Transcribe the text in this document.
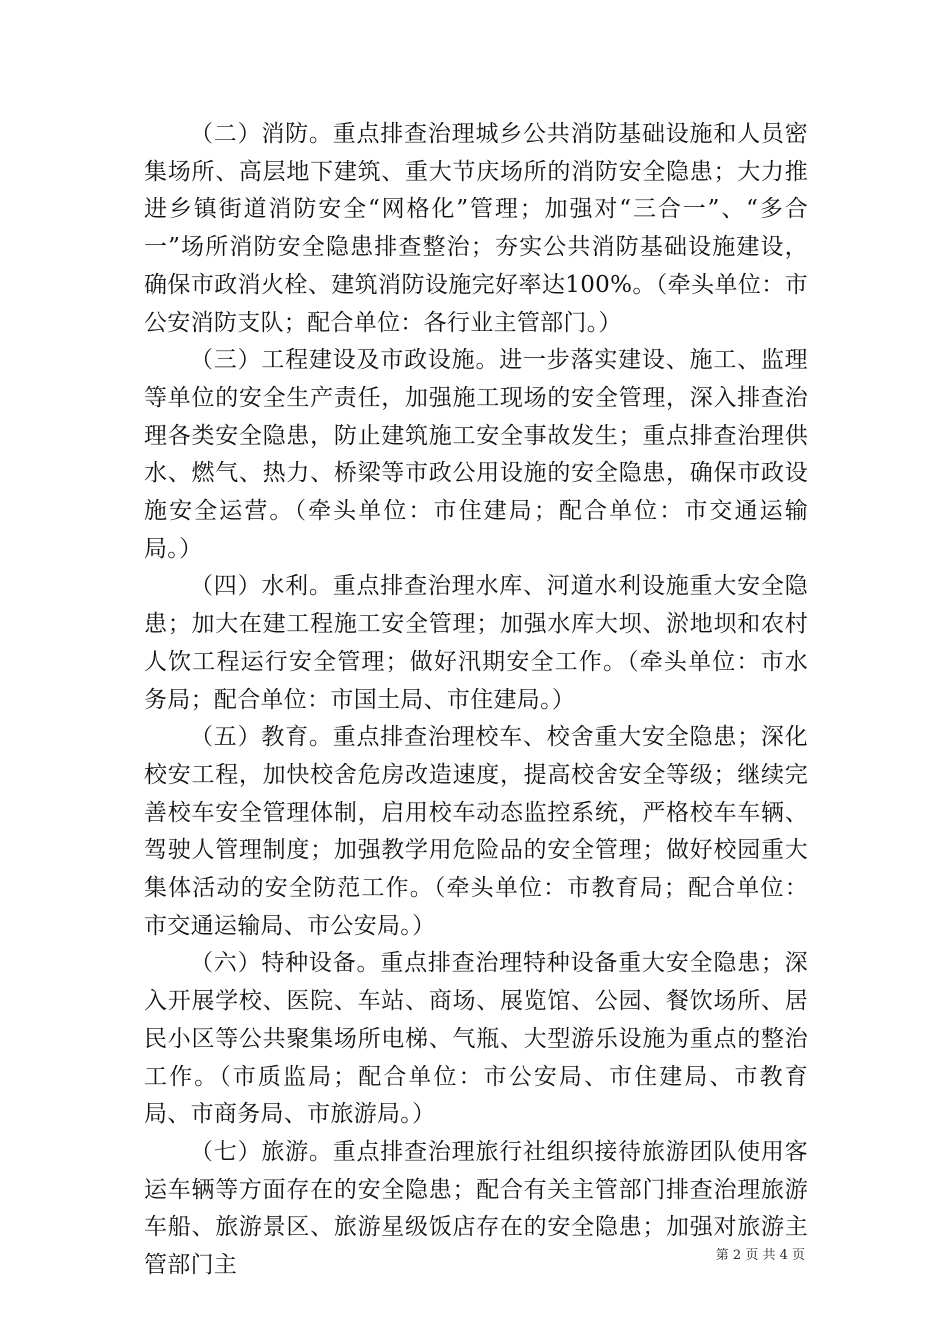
（二）消防。重点排查治理城乡公共消防基础设施和人员密集场所、高层地下建筑、重大节庆场所的消防安全隐患；大力推进乡镇街道消防安全“网格化”管理；加强对“三合一”、“多合一”场所消防安全隐患排查整治；夯实公共消防基础设施建设，确保市政消火栓、建筑消防设施完好率达100%。（牵头单位：市公安消防支队；配合单位：各行业主管部门。）

（三）工程建设及市政设施。进一步落实建设、施工、监理等单位的安全生产责任，加强施工现场的安全管理，深入排查治理各类安全隐患，防止建筑施工安全事故发生；重点排查治理供水、燃气、热力、桥梁等市政公用设施的安全隐患，确保市政设施安全运营。（牵头单位：市住建局；配合单位：市交通运输局。）

（四）水利。重点排查治理水库、河道水利设施重大安全隐患；加大在建工程施工安全管理；加强水库大坝、淤地坝和农村人饮工程运行安全管理；做好汛期安全工作。（牵头单位：市水务局；配合单位：市国土局、市住建局。）

（五）教育。重点排查治理校车、校舍重大安全隐患；深化校安工程，加快校舍危房改造速度，提高校舍安全等级；继续完善校车安全管理体制，启用校车动态监控系统，严格校车车辆、驾驶人管理制度；加强教学用危险品的安全管理；做好校园重大集体活动的安全防范工作。（牵头单位：市教育局；配合单位：市交通运输局、市公安局。）

（六）特种设备。重点排查治理特种设备重大安全隐患；深入开展学校、医院、车站、商场、展览馆、公园、餐饮场所、居民小区等公共聚集场所电梯、气瓶、大型游乐设施为重点的整治工作。（市质监局；配合单位：市公安局、市住建局、市教育局、市商务局、市旅游局。）

（七）旅游。重点排查治理旅行社组织接待旅游团队使用客运车辆等方面存在的安全隐患；配合有关主管部门排查治理旅游车船、旅游景区、旅游星级饭店存在的安全隐患；加强对旅游主管部门主	第 2 页 共 4 页
